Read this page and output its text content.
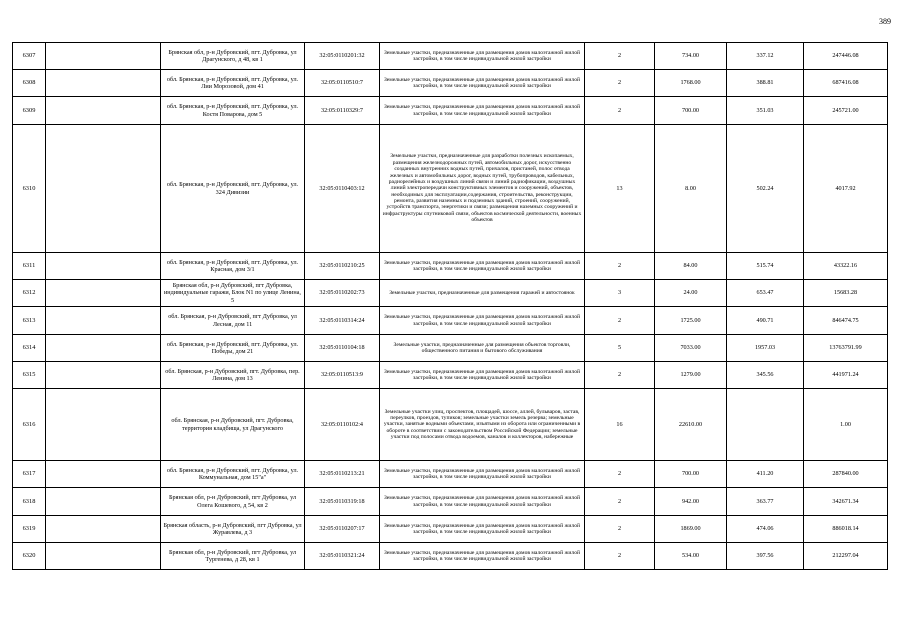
389
6307		Брянская обл, р-н Дубровский, пгт. Дубровка, ул Драгунского, д 48, кв 1	32:05:0110201:32	Земельные участки, предназначенные для размещения домов малоэтажной жилой застройки, в том числе индивидуальной жилой застройки	2	734.00	337.12	247446.08
6308		обл. Брянская, р-н Дубровский, пгт. Дубровка, ул. Лии Морозовой, дом 41	32:05:0110510:7	Земельные участки, предназначенные для размещения домов малоэтажной жилой застройки, в том числе индивидуальной жилой застройки	2	1768.00	388.81	687416.08
6309		обл. Брянская, р-н Дубровский, пгт. Дубровка, ул. Костя Поварова, дом 5	32:05:0110329:7	Земельные участки, предназначенные для размещения домов малоэтажной жилой застройки, в том числе индивидуальной жилой застройки	2	700.00	351.03	245721.00
6310		обл. Брянская, р-н Дубровский, пгт. Дубровка, ул. 324 Дивизии	32:05:0110403:12	Земельные участки, предназначенные для разработки полезных ископаемых, размещения железнодорожных путей, автомобильных дорог, искусственно созданных внутренних водных путей, причалов, пристаней, полос отвода железных и автомобильных дорог, водных путей, трубопроводов, кабельных, радиорелейных и воздушных линий связи и линий радиофикации, воздушных линий электропередачи конструктивных элементов и сооружений, объектов, необходимых для эксплуатации,содержания, строительства, реконструкции, ремонта, развития наземных и подземных зданий, строений, сооружений, устройств транспорта, энергетики и связи; размещения наземных сооружений и инфраструктуры спутниковой связи, объектов космической деятельности, военных объектов	13	8.00	502.24	4017.92
6311		обл. Брянская, р-н Дубровский, пгт. Дубровка, ул. Красная, дом 3/1	32:05:0110210:25	Земельные участки, предназначенные для размещения домов малоэтажной жилой застройки, в том числе индивидуальной жилой застройки	2	84.00	515.74	43322.16
6312		Брянская обл, р-н Дубровский, пгт Дубровка, индивидуальные гаражи, Блок N1 по улице Ленина, 5	32:05:0110202:73	Земельные участки, предназначенные для размещения гаражей и автостоянок	3	24.00	653.47	15683.28
6313		обл. Брянская, р-н Дубровский, пгт Дубровка, ул Лесная, дом 11	32:05:0110314:24	Земельные участки, предназначенные для размещения домов малоэтажной жилой застройки, в том числе индивидуальной жилой застройки	2	1725.00	490.71	846474.75
6314		обл. Брянская, р-н Дубровский, пгт. Дубровка, ул. Победы, дом 21	32:05:0110104:18	Земельные участки, предназначенные для размещения объектов торговли, общественного питания и бытового обслуживания	5	7033.00	1957.03	13763791.99
6315		обл. Брянская, р-н Дубровский, пгт. Дубровка, пер. Ленина, дом 13	32:05:0110513:9	Земельные участки, предназначенные для размещения домов малоэтажной жилой застройки, в том числе индивидуальной жилой застройки	2	1279.00	345.56	441971.24
6316		обл. Брянская, р-н Дубровский, пгт. Дубровка, территория кладбища, ул Драгунского	32:05:0110102:4	Земельные участки улиц, проспектов, площадей, шоссе, аллей, бульваров, застав, переулков, проездов, тупиков; земельные участки земель резерва; земельные участки, занятые водными объектами, изъятыми из оборота или ограниченными в обороте в соответствии с законодательством Российской Федерации; земельные участки под полосами отвода водоемов, каналов и коллекторов, набережные	16	22610.00		1.00
6317		обл. Брянская, р-н Дубровский, пгт. Дубровка, ул. Коммунальная, дом 15"а"	32:05:0110213:21	Земельные участки, предназначенные для размещения домов малоэтажной жилой застройки, в том числе индивидуальной жилой застройки	2	700.00	411.20	287840.00
6318		Брянская обл, р-н Дубровский, пгт Дубровка, ул Олега Кошевого, д 54, кв 2	32:05:0110319:18	Земельные участки, предназначенные для размещения домов малоэтажной жилой застройки, в том числе индивидуальной жилой застройки	2	942.00	363.77	342671.34
6319		Брянская область, р-н Дубровский, пгт Дубровка, ул Журавлева, д 3	32:05:0110207:17	Земельные участки, предназначенные для размещения домов малоэтажной жилой застройки, в том числе индивидуальной жилой застройки	2	1869.00	474.06	886018.14
6320		Брянская обл, р-н Дубровский, пгт Дубровка, ул Тургенева, д 28, кв 1	32:05:0110321:24	Земельные участки, предназначенные для размещения домов малоэтажной жилой застройки, в том числе индивидуальной жилой застройки	2	534.00	397.56	212297.04
